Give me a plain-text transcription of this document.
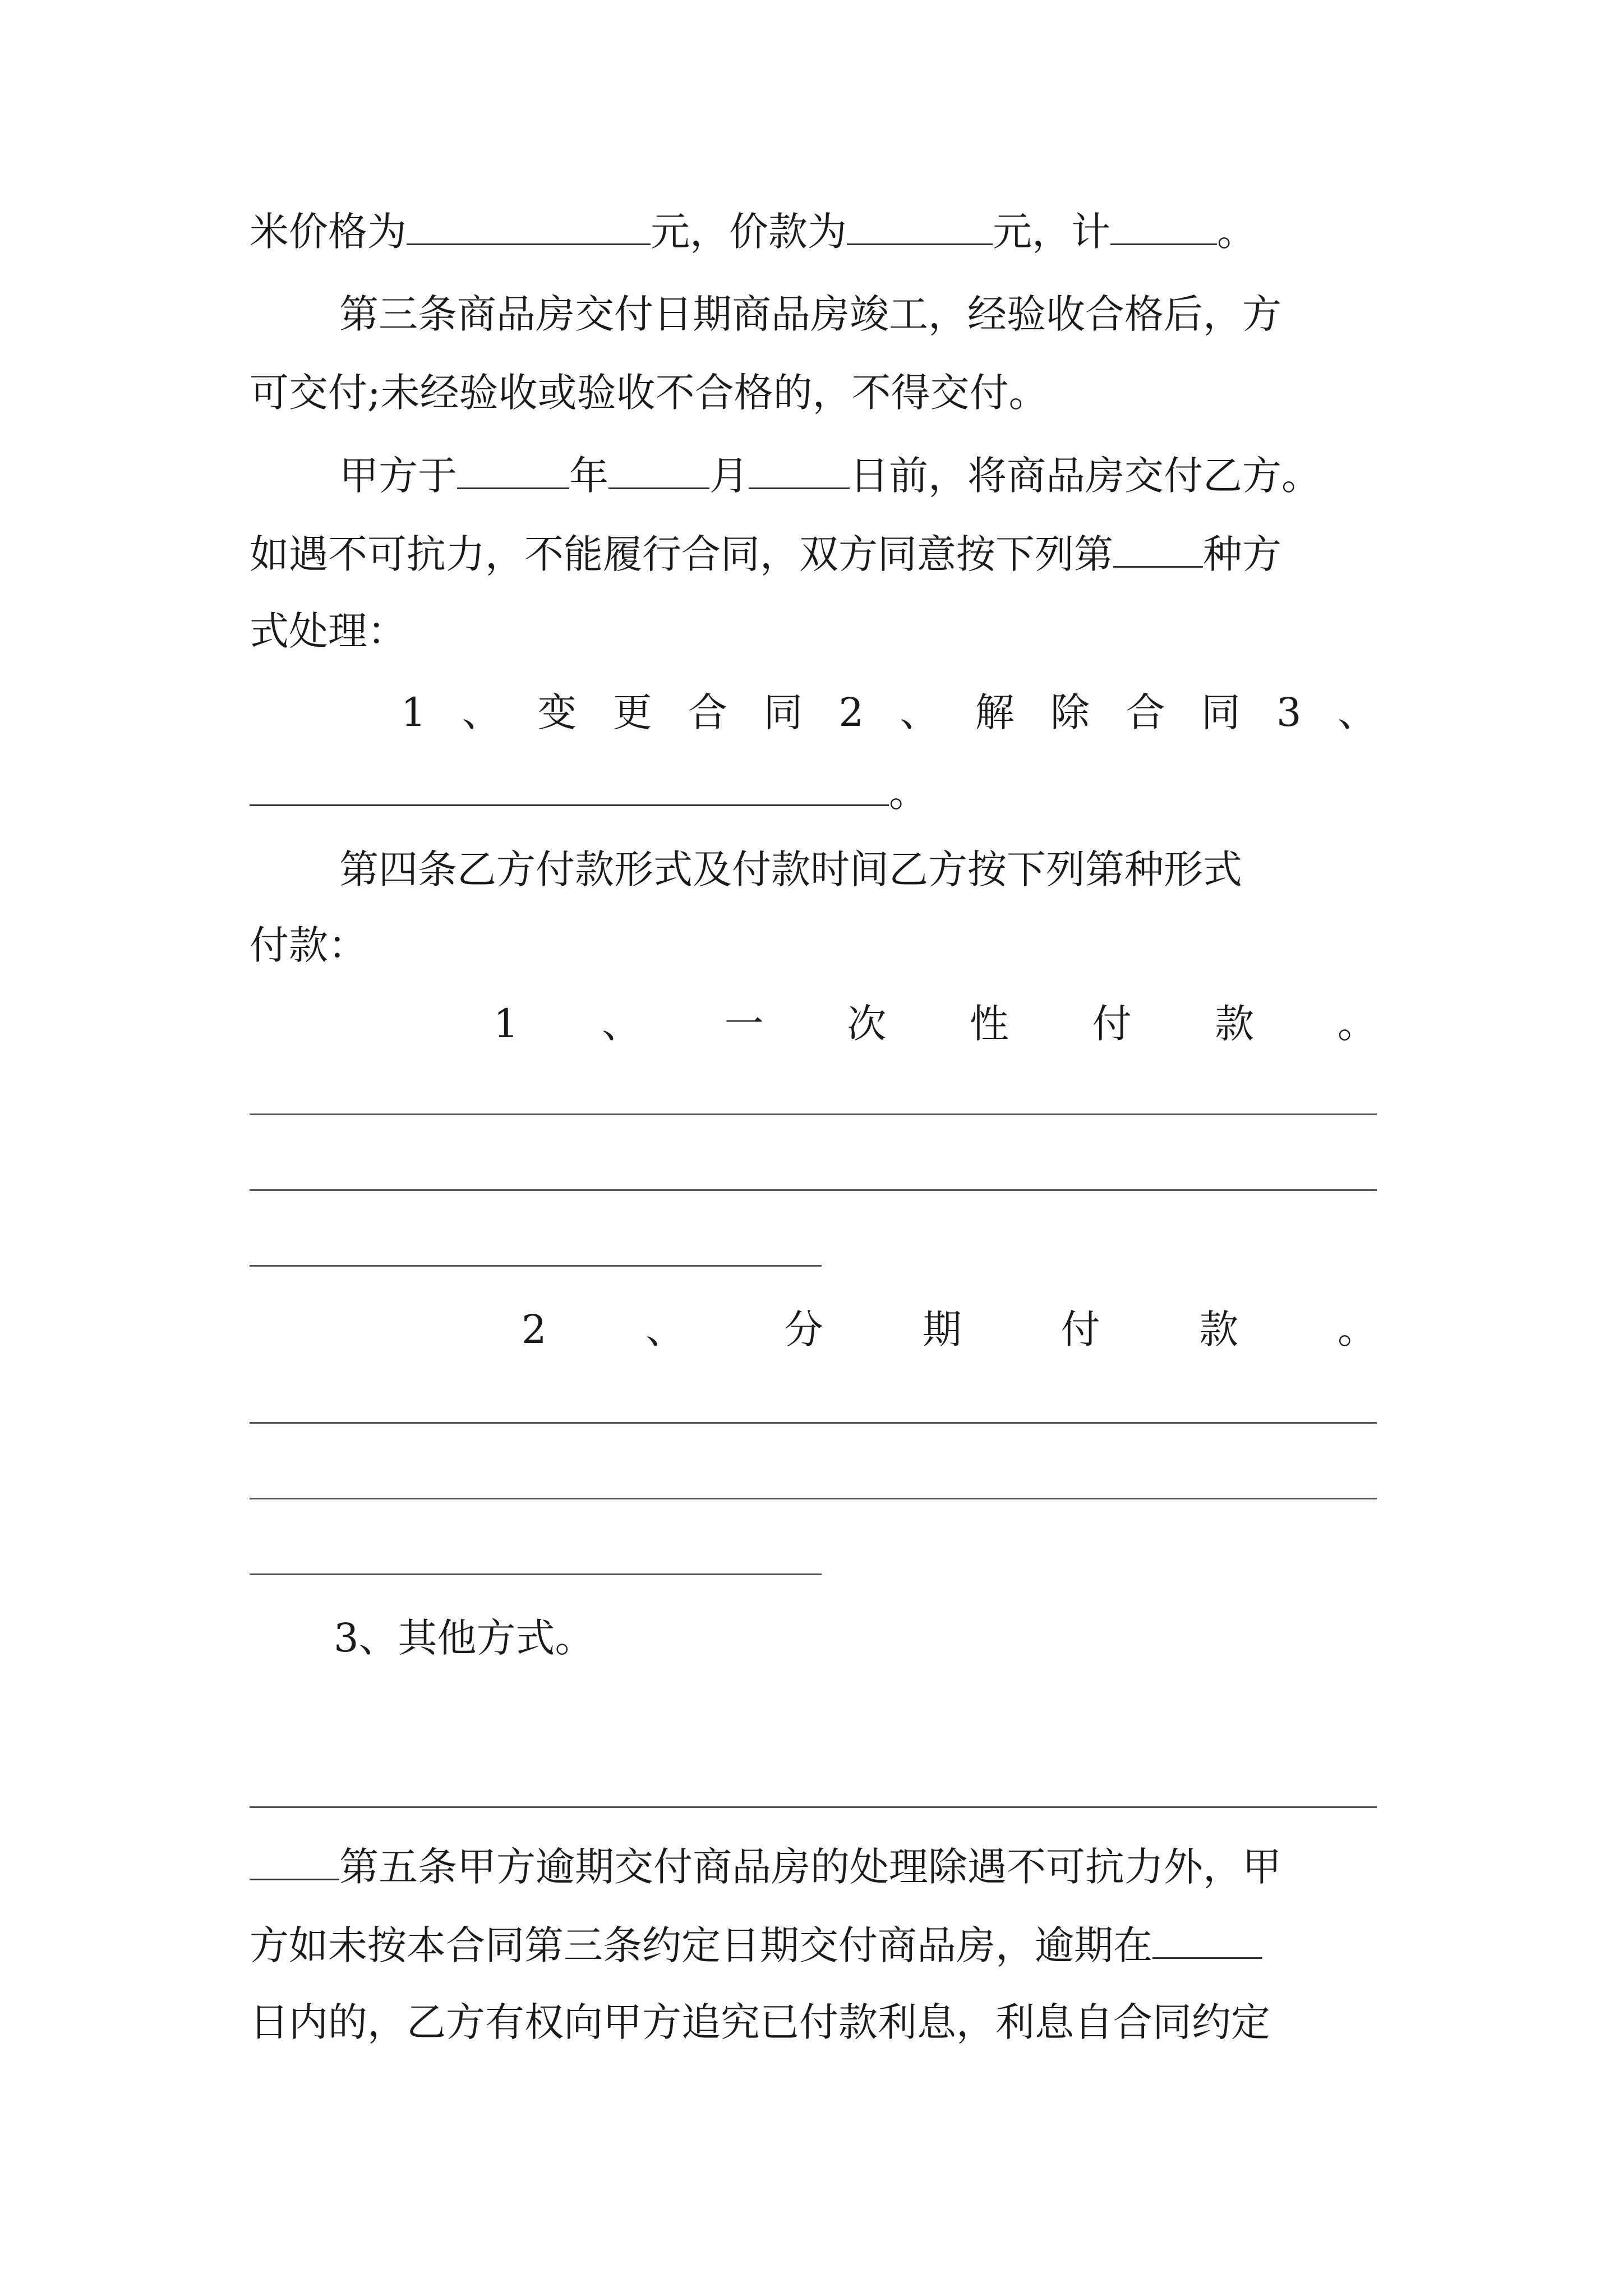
米价格为	元，价款为	元，计	。
第三条商品房交付日期商品房竣工，经验收合格后，方
可交付;未经验收或验收不合格的，不得交付。
甲方于	年	月	日前，将商品房交付乙方。
如遇不可抗力，不能履行合同，双方同意按下列第 种方
式处理：
1 、 变 更 合 同 2 、 解 除 合 同 3 、
。
第四条乙方付款形式及付款时间乙方按下列第种形式
付款：
1 、 一 次 性 付 款 。
2	、	分	期	付	款	。
3、其他方式。
第五条甲方逾期交付商品房的处理除遇不可抗力外，甲
方如未按本合同第三条约定日期交付商品房，逾期在
日内的，乙方有权向甲方追究已付款利息，利息自合同约定
